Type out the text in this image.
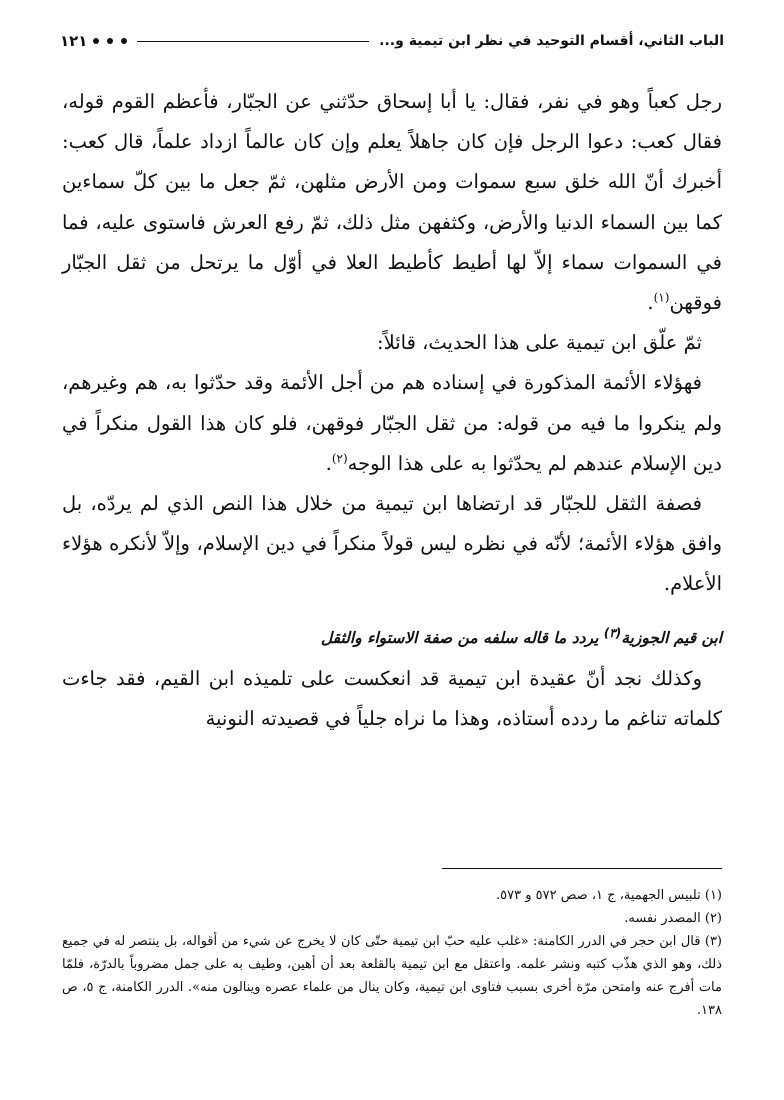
الباب الثاني، أقسام التوحيد في نظر ابن تيمية و...
١٢١

رجل كعباً وهو في نفر، فقال: يا أبا إسحاق حدّثني عن الجبّار، فأعظم القوم قوله، فقال كعب: دعوا الرجل فإن كان جاهلاً يعلم وإن كان عالماً ازداد علماً، قال كعب: أخبرك أنّ الله خلق سبع سموات ومن الأرض مثلهن، ثمّ جعل ما بين كلّ سماءين كما بين السماء الدنيا والأرض، وكثفهن مثل ذلك، ثمّ رفع العرش فاستوى عليه، فما في السموات سماء إلاّ لها أطيط كأطيط العلا في أوّل ما يرتحل من ثقل الجبّار فوقهن$^{(١)}$.

ثمّ علّق ابن تيمية على هذا الحديث، قائلاً:

فهؤلاء الأئمة المذكورة في إسناده هم من أجل الأئمة وقد حدّثوا به، هم وغيرهم، ولم ينكروا ما فيه من قوله: من ثقل الجبّار فوقهن، فلو كان هذا القول منكراً في دين الإسلام عندهم لم يحدّثوا به على هذا الوجه$^{(٢)}$.

فصفة الثقل للجبّار قد ارتضاها ابن تيمية من خلال هذا النص الذي لم يردّه، بل وافق هؤلاء الأئمة؛ لأنّه في نظره ليس قولاً منكراً في دين الإسلام، وإلاّ لأنكره هؤلاء الأعلام.

ابن قيم الجوزية$^{(٣)}$ يردد ما قاله سلفه من صفة الاستواء والثقل

وكذلك نجد أنّ عقيدة ابن تيمية قد انعكست على تلميذه ابن القيم، فقد جاءت كلماته تناغم ما ردده أستاذه، وهذا ما نراه جلياً في قصيدته النونية

(١) تلبيس الجهمية، ج ١، صص ٥٧٢ و ٥٧٣.

(٢) المصدر نفسه.

(٣) قال ابن حجر في الدرر الكامنة: «غلب عليه حبّ ابن تيمية حتّى كان لا يخرج عن شيء من أقواله، بل ينتصر له في جميع ذلك، وهو الذي هذّب كتبه ونشر علمه. واعتقل مع ابن تيمية بالقلعة بعد أن أهين، وطيف به على جمل مضروباً بالدرّة، فلمّا مات أفرج عنه وامتحن مرّة أخرى بسبب فتاوى ابن تيمية، وكان ينال من علماء عصره وينالون منه». الدرر الكامنة، ج ٥، ص ١٣٨.
